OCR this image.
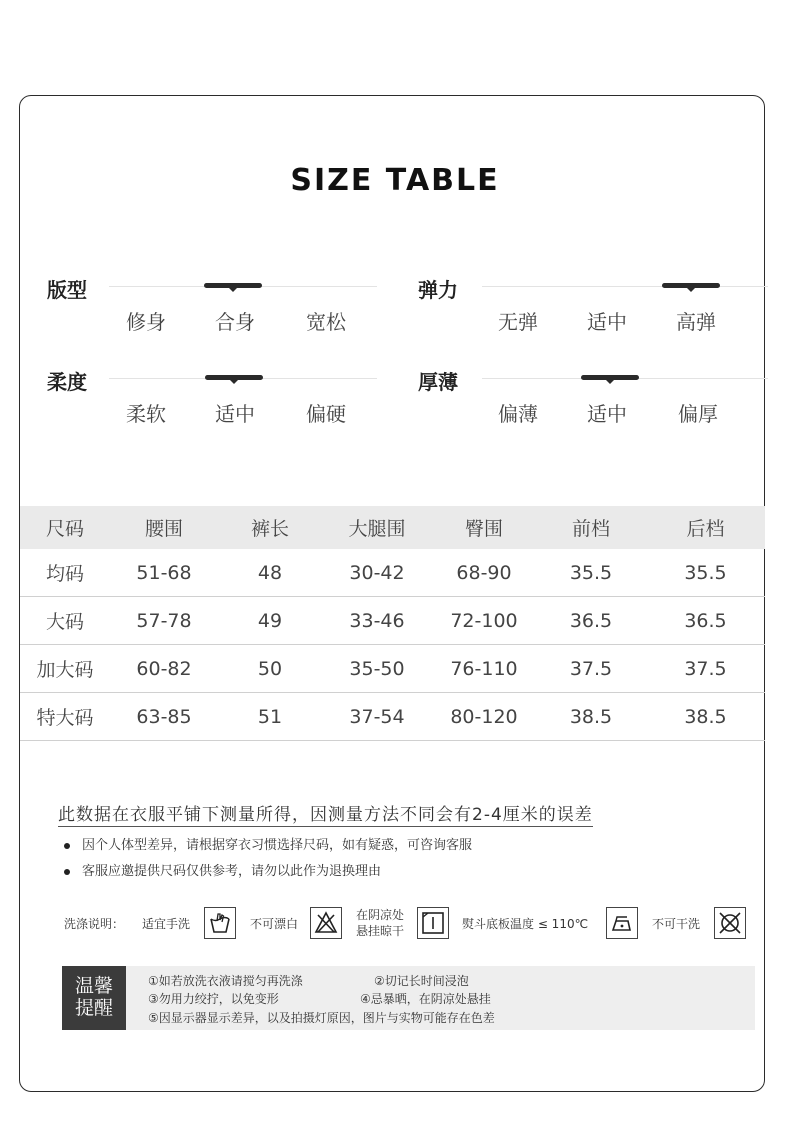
SIZE TABLE
版型
修身	合身	宽松
弹力
无弹	适中	高弹
柔度
柔软	适中	偏硬
厚薄
偏薄	适中	偏厚
尺码	腰围	裤长	大腿围	臀围	前档	后档
均码	51-68	48	30-42	68-90	35.5	35.5
大码	57-78	49	33-46	72-100	36.5	36.5
加大码	60-82	50	35-50	76-110	37.5	37.5
特大码	63-85	51	37-54	80-120	38.5	38.5
此数据在衣服平铺下测量所得，因测量方法不同会有2-4厘米的误差
因个人体型差异，请根据穿衣习惯选择尺码，如有疑惑，可咨询客服
客服应邀提供尺码仅供参考，请勿以此作为退换理由
洗涤说明： 适宜手洗	不可漂白
在阴凉处
悬挂晾干	熨斗底板温度 ≤ 110℃	不可干洗
温馨
提醒
①如若放洗衣液请搅匀再洗涤	②切记长时间浸泡
③勿用力绞拧，以免变形	④忌暴晒，在阴凉处悬挂
⑤因显示器显示差异，以及拍摄灯原因，图片与实物可能存在色差
